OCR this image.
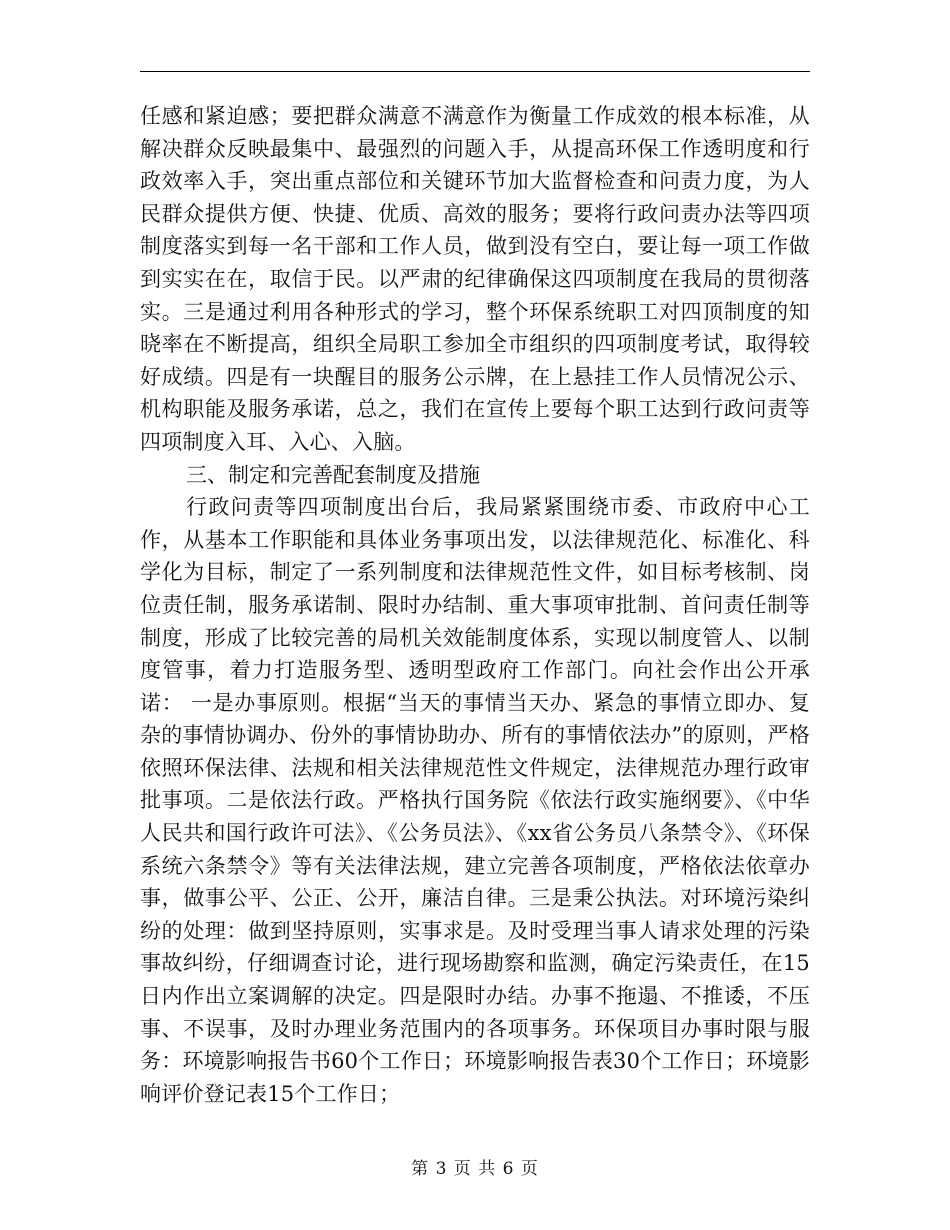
任感和紧迫感；要把群众满意不满意作为衡量工作成效的根本标准，从解决群众反映最集中、最强烈的问题入手，从提高环保工作透明度和行政效率入手，突出重点部位和关键环节加大监督检查和问责力度，为人民群众提供方便、快捷、优质、高效的服务；要将行政问责办法等四项制度落实到每一名干部和工作人员，做到没有空白，要让每一项工作做到实实在在，取信于民。以严肃的纪律确保这四项制度在我局的贯彻落实。三是通过利用各种形式的学习，整个环保系统职工对四顶制度的知晓率在不断提高，组织全局职工参加全市组织的四项制度考试，取得较好成绩。四是有一块醒目的服务公示牌，在上悬挂工作人员情况公示、机构职能及服务承诺，总之，我们在宣传上要每个职工达到行政问责等四项制度入耳、入心、入脑。

三、制定和完善配套制度及措施

行政问责等四项制度出台后，我局紧紧围绕市委、市政府中心工作，从基本工作职能和具体业务事项出发，以法律规范化、标准化、科学化为目标，制定了一系列制度和法律规范性文件，如目标考核制、岗位责任制，服务承诺制、限时办结制、重大事项审批制、首问责任制等制度，形成了比较完善的局机关效能制度体系，实现以制度管人、以制度管事，着力打造服务型、透明型政府工作部门。向社会作出公开承诺： 一是办事原则。根据“当天的事情当天办、紧急的事情立即办、复杂的事情协调办、份外的事情协助办、所有的事情依法办”的原则，严格依照环保法律、法规和相关法律规范性文件规定，法律规范办理行政审批事项。二是依法行政。严格执行国务院《依法行政实施纲要》、《中华人民共和国行政许可法》、《公务员法》、《xx省公务员八条禁令》、《环保系统六条禁令》等有关法律法规，建立完善各项制度，严格依法依章办事，做事公平、公正、公开，廉洁自律。三是秉公执法。对环境污染纠纷的处理：做到坚持原则，实事求是。及时受理当事人请求处理的污染事故纠纷，仔细调查讨论，进行现场勘察和监测，确定污染责任，在15日内作出立案调解的决定。四是限时办结。办事不拖遢、不推诿，不压事、不误事，及时办理业务范围内的各项事务。环保项目办事时限与服务：环境影响报告书60个工作日；环境影响报告表30个工作日；环境影响评价登记表15个工作日；

第 3 页 共 6 页
